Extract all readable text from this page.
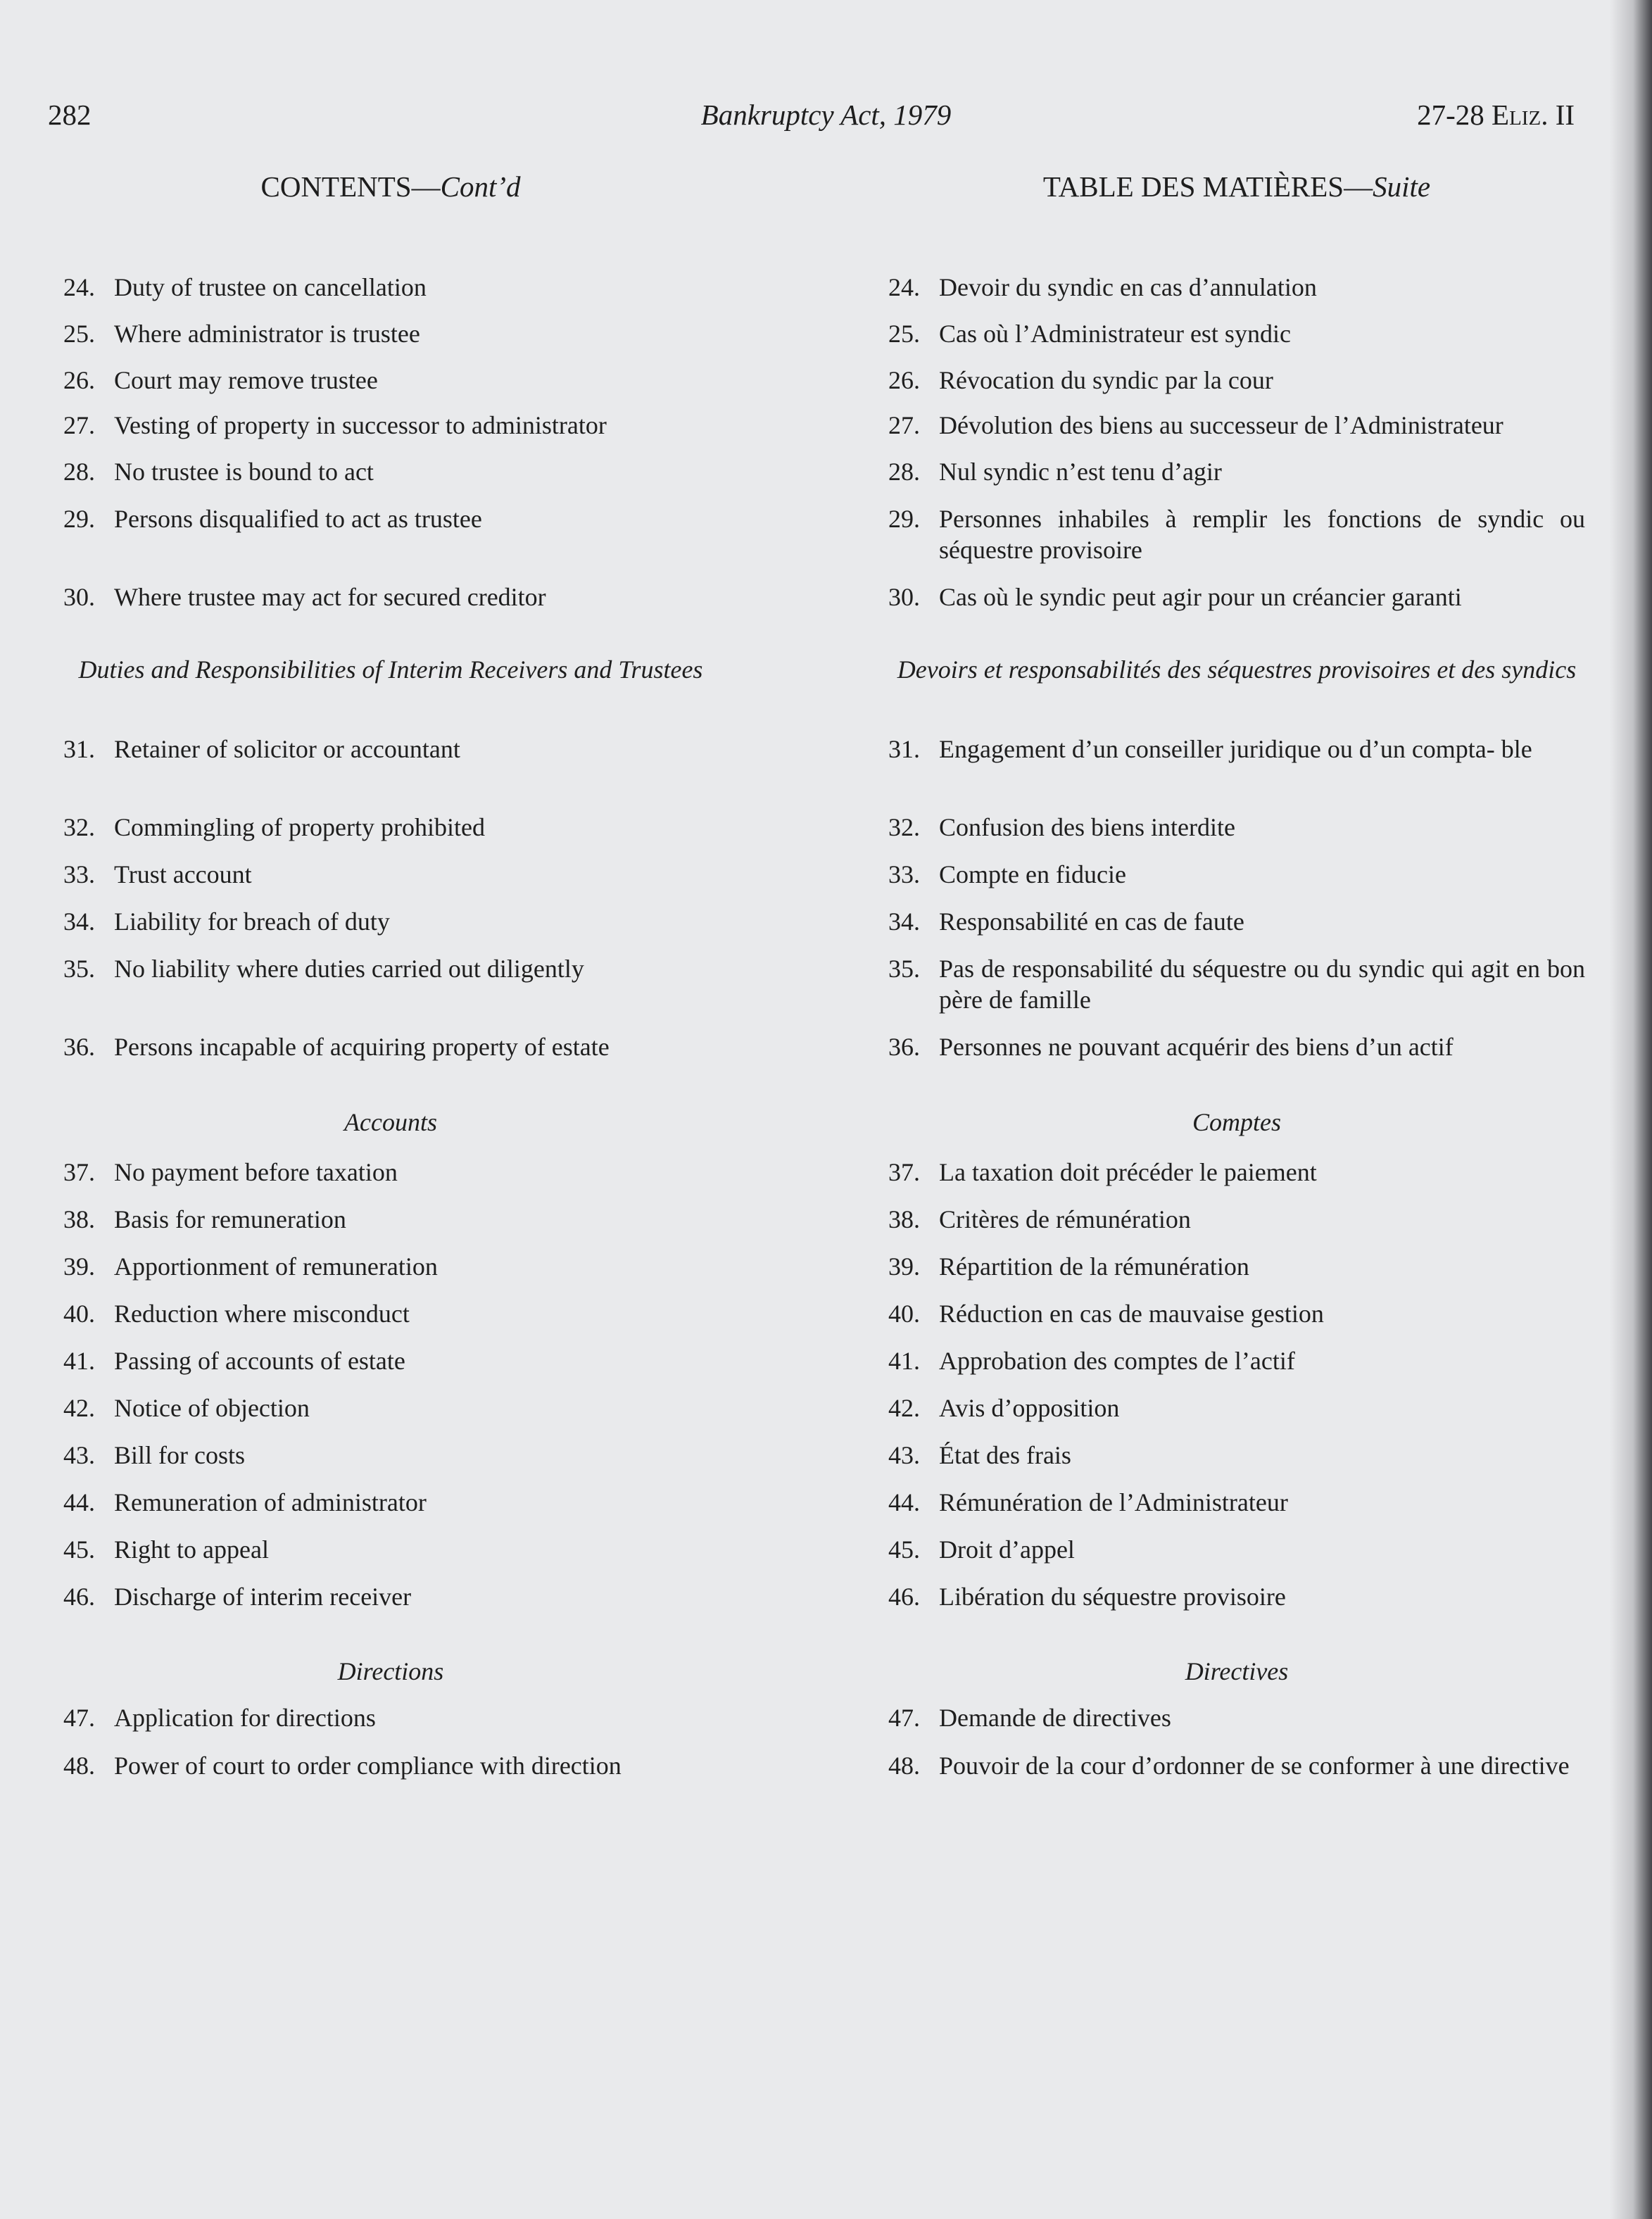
282	Bankruptcy Act, 1979	27-28 Eliz. II
CONTENTS—Cont’d
24. Duty of trustee on cancellation
25. Where administrator is trustee
26. Court may remove trustee
27. Vesting of property in successor to administrator
28. No trustee is bound to act
29. Persons disqualified to act as trustee
30. Where trustee may act for secured creditor
Duties and Responsibilities of Interim Receivers and Trustees
31. Retainer of solicitor or accountant
32. Commingling of property prohibited
33. Trust account
34. Liability for breach of duty
35. No liability where duties carried out diligently
36. Persons incapable of acquiring property of estate
Accounts
37. No payment before taxation
38. Basis for remuneration
39. Apportionment of remuneration
40. Reduction where misconduct
41. Passing of accounts of estate
42. Notice of objection
43. Bill for costs
44. Remuneration of administrator
45. Right to appeal
46. Discharge of interim receiver
Directions
47. Application for directions
48. Power of court to order compliance with direction
TABLE DES MATIÈRES—Suite
24. Devoir du syndic en cas d’annulation
25. Cas où l’Administrateur est syndic
26. Révocation du syndic par la cour
27. Dévolution des biens au successeur de l’Administrateur
28. Nul syndic n’est tenu d’agir
29. Personnes inhabiles à remplir les fonctions de syndic ou séquestre provisoire
30. Cas où le syndic peut agir pour un créancier garanti
Devoirs et responsabilités des séquestres provisoires et des syndics
31. Engagement d’un conseiller juridique ou d’un compta- ble
32. Confusion des biens interdite
33. Compte en fiducie
34. Responsabilité en cas de faute
35. Pas de responsabilité du séquestre ou du syndic qui agit en bon père de famille
36. Personnes ne pouvant acquérir des biens d’un actif
Comptes
37. La taxation doit précéder le paiement
38. Critères de rémunération
39. Répartition de la rémunération
40. Réduction en cas de mauvaise gestion
41. Approbation des comptes de l’actif
42. Avis d’opposition
43. État des frais
44. Rémunération de l’Administrateur
45. Droit d’appel
46. Libération du séquestre provisoire
Directives
47. Demande de directives
48. Pouvoir de la cour d’ordonner de se conformer à une directive
